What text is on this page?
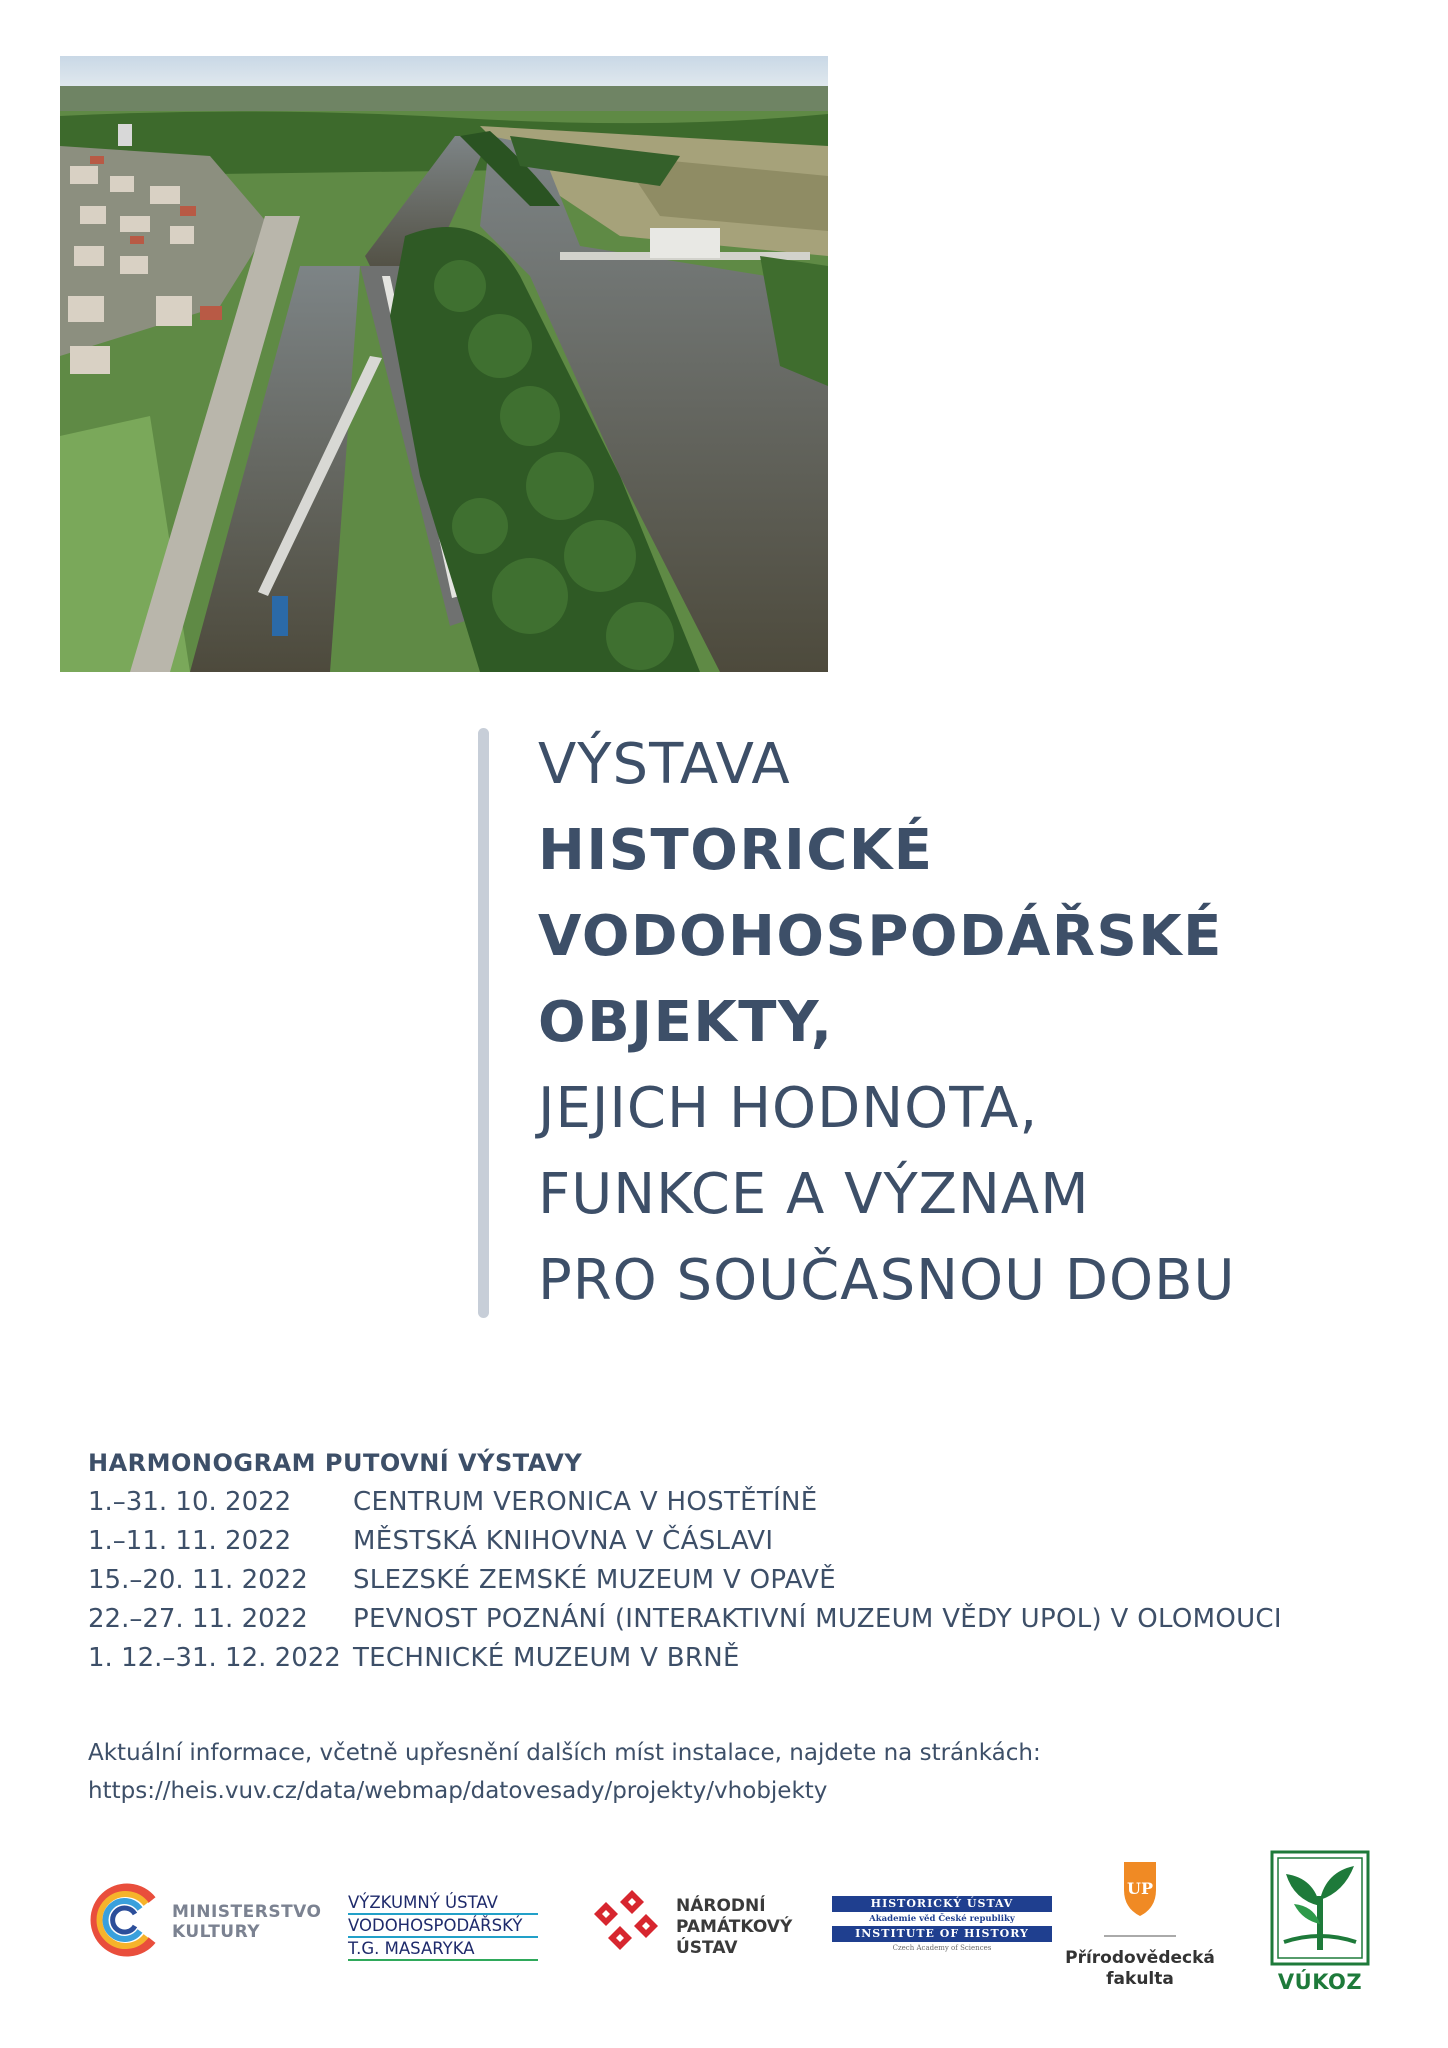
VÝSTAVA
HISTORICKÉ
VODOHOSPODÁŘSKÉ
OBJEKTY,
JEJICH HODNOTA,
FUNKCE A VÝZNAM
PRO SOUČASNOU DOBU
HARMONOGRAM PUTOVNÍ VÝSTAVY
1.–31. 10. 2022	CENTRUM VERONICA V HOSTĚTÍNĚ
1.–11. 11. 2022	MĚSTSKÁ KNIHOVNA V ČÁSLAVI
15.–20. 11. 2022	SLEZSKÉ ZEMSKÉ MUZEUM V OPAVĚ
22.–27. 11. 2022	PEVNOST POZNÁNÍ (INTERAKTIVNÍ MUZEUM VĚDY UPOL) V OLOMOUCI
1. 12.–31. 12. 2022 TECHNICKÉ MUZEUM V BRNĚ
Aktuální informace, včetně upřesnění dalších míst instalace, najdete na stránkách:
https://heis.vuv.cz/data/webmap/datovesady/projekty/vhobjekty
MINISTERSTVO
KULTURY
VÝZKUMNÝ ÚSTAV
VODOHOSPODÁŘSKÝ
T.G. MASARYKA
NÁRODNÍ
PAMÁTKOVÝ
ÚSTAV
HISTORICKÝ ÚSTAV
Akademie věd České republiky
INSTITUTE OF HISTORY
Czech Academy of Sciences
UP
Přírodovědecká
fakulta	VÚKOZ
